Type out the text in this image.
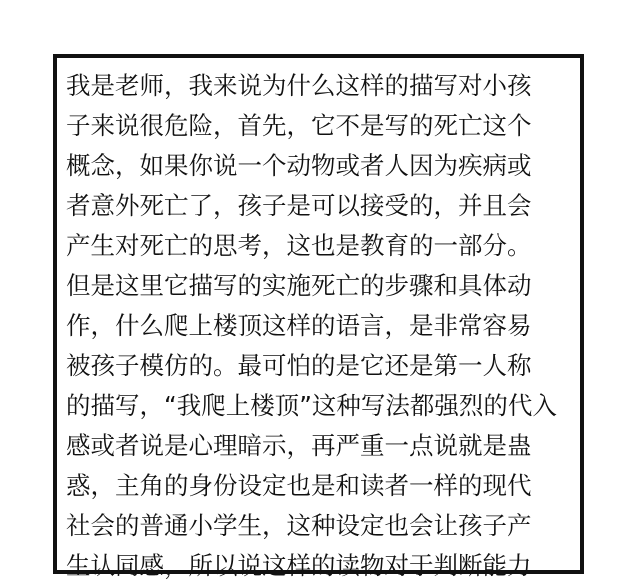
我是老师，我来说为什么这样的描写对小孩
子来说很危险，首先，它不是写的死亡这个
概念，如果你说一个动物或者人因为疾病或
者意外死亡了，孩子是可以接受的，并且会
产生对死亡的思考，这也是教育的一部分。
但是这里它描写的实施死亡的步骤和具体动
作，什么爬上楼顶这样的语言，是非常容易
被孩子模仿的。最可怕的是它还是第一人称
的描写，“我爬上楼顶”这种写法都强烈的代入
感或者说是心理暗示，再严重一点说就是蛊
惑，主角的身份设定也是和读者一样的现代
社会的普通小学生，这种设定也会让孩子产
生认同感，所以说这样的读物对于判断能力
